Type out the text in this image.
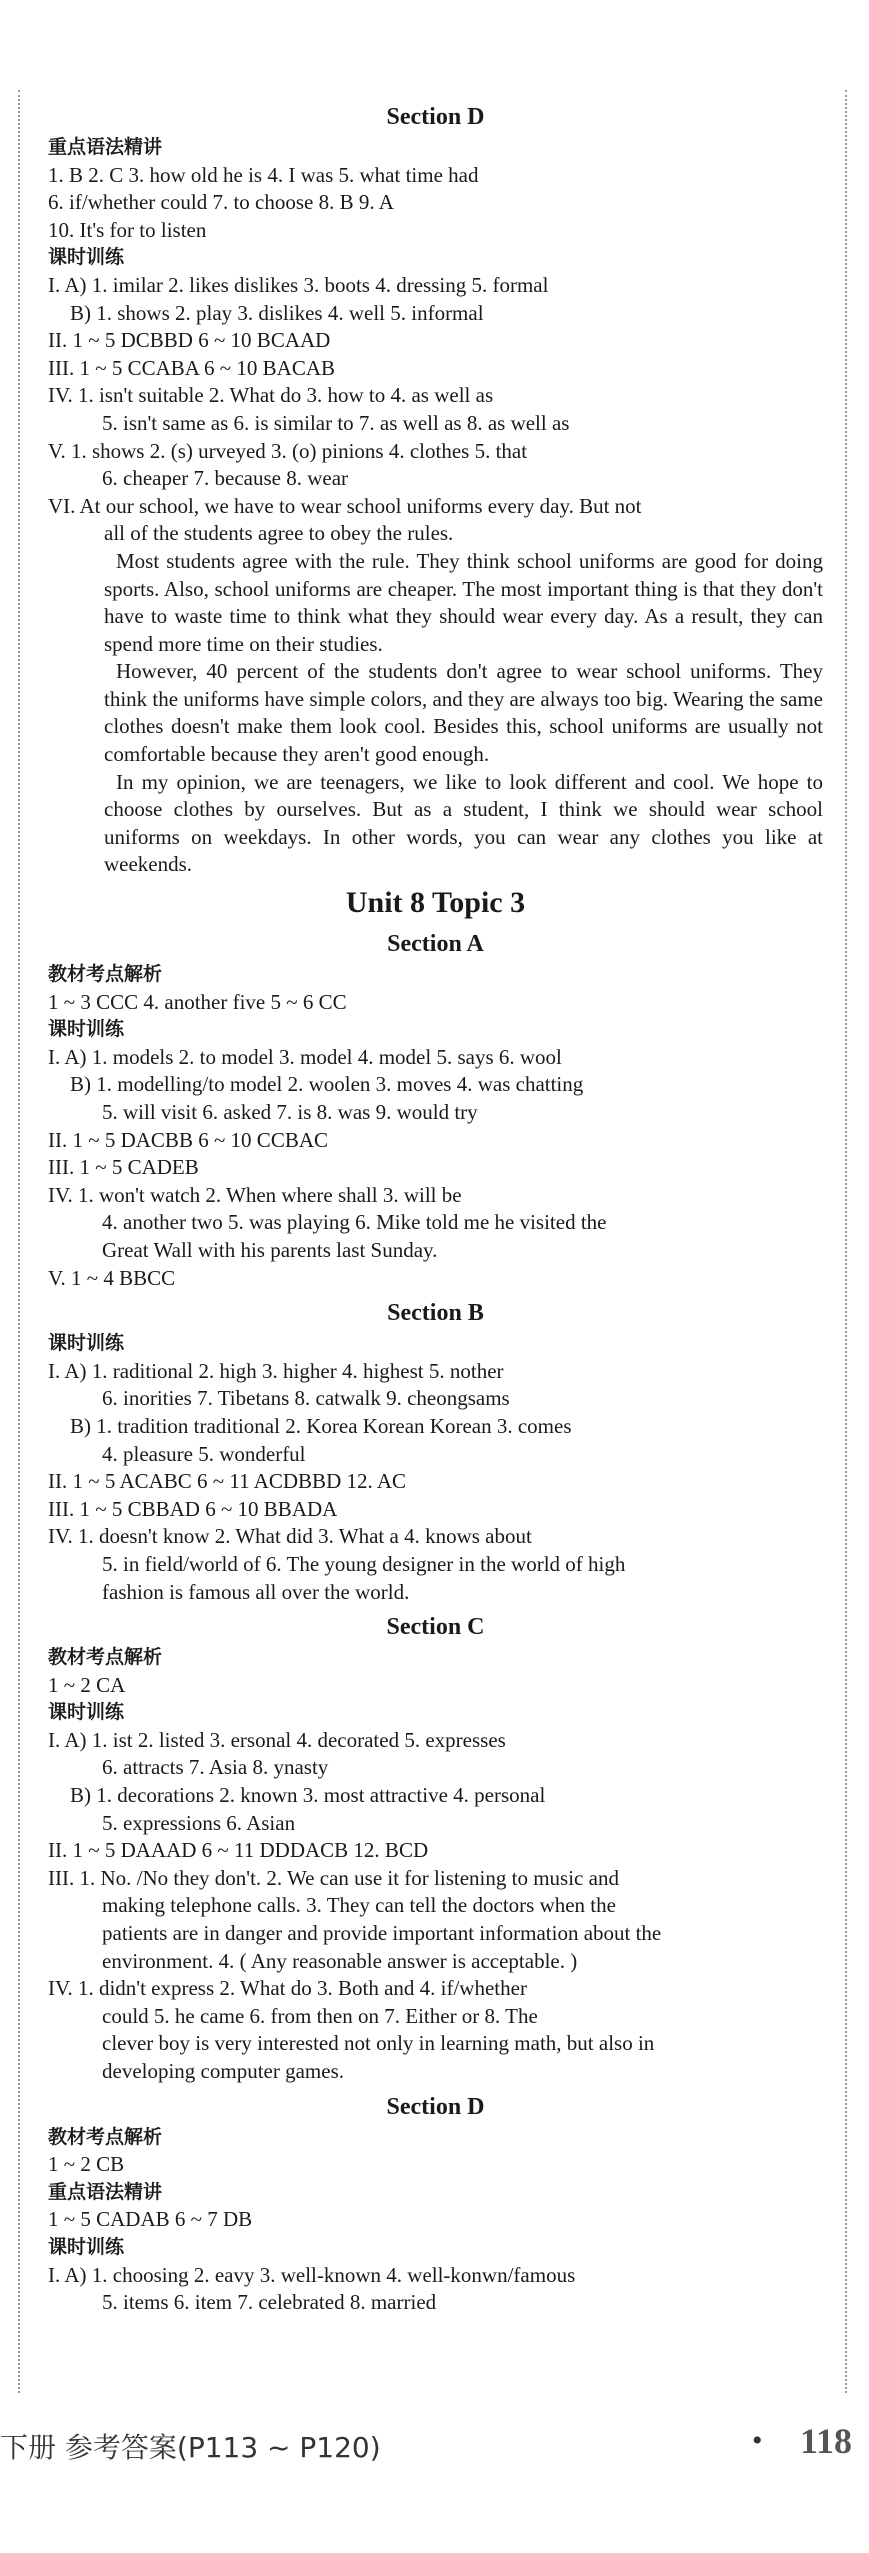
Section D
重点语法精讲
1. B 2. C 3. how old he is 4. I was 5. what time had
6. if/whether could 7. to choose 8. B 9. A
10. It's for to listen
课时训练
I. A) 1. imilar 2. likes dislikes 3. boots 4. dressing 5. formal
B) 1. shows 2. play 3. dislikes 4. well 5. informal
II. 1 ~ 5 DCBBD 6 ~ 10 BCAAD
III. 1 ~ 5 CCABA 6 ~ 10 BACAB
IV. 1. isn't suitable 2. What do 3. how to 4. as well as
5. isn't same as 6. is similar to 7. as well as 8. as well as
V. 1. shows 2. (s) urveyed 3. (o) pinions 4. clothes 5. that
6. cheaper 7. because 8. wear
VI. At our school, we have to wear school uniforms every day. But not
all of the students agree to obey the rules.
Most students agree with the rule. They think school uniforms are good for doing sports. Also, school uniforms are cheaper. The most important thing is that they don't have to waste time to think what they should wear every day. As a result, they can spend more time on their studies.
However, 40 percent of the students don't agree to wear school uniforms. They think the uniforms have simple colors, and they are always too big. Wearing the same clothes doesn't make them look cool. Besides this, school uniforms are usually not comfortable because they aren't good enough.
In my opinion, we are teenagers, we like to look different and cool. We hope to choose clothes by ourselves. But as a student, I think we should wear school uniforms on weekdays. In other words, you can wear any clothes you like at weekends.
Unit 8 Topic 3
Section A
教材考点解析
1 ~ 3 CCC 4. another five 5 ~ 6 CC
课时训练
I. A) 1. models 2. to model 3. model 4. model 5. says 6. wool
B) 1. modelling/to model 2. woolen 3. moves 4. was chatting
5. will visit 6. asked 7. is 8. was 9. would try
II. 1 ~ 5 DACBB 6 ~ 10 CCBAC
III. 1 ~ 5 CADEB
IV. 1. won't watch 2. When where shall 3. will be
4. another two 5. was playing 6. Mike told me he visited the
Great Wall with his parents last Sunday.
V. 1 ~ 4 BBCC
Section B
课时训练
I. A) 1. raditional 2. high 3. higher 4. highest 5. nother
6. inorities 7. Tibetans 8. catwalk 9. cheongsams
B) 1. tradition traditional 2. Korea Korean Korean 3. comes
4. pleasure 5. wonderful
II. 1 ~ 5 ACABC 6 ~ 11 ACDBBD 12. AC
III. 1 ~ 5 CBBAD 6 ~ 10 BBADA
IV. 1. doesn't know 2. What did 3. What a 4. knows about
5. in field/world of 6. The young designer in the world of high
fashion is famous all over the world.
Section C
教材考点解析
1 ~ 2 CA
课时训练
I. A) 1. ist 2. listed 3. ersonal 4. decorated 5. expresses
6. attracts 7. Asia 8. ynasty
B) 1. decorations 2. known 3. most attractive 4. personal
5. expressions 6. Asian
II. 1 ~ 5 DAAAD 6 ~ 11 DDDACB 12. BCD
III. 1. No. /No they don't. 2. We can use it for listening to music and
making telephone calls. 3. They can tell the doctors when the
patients are in danger and provide important information about the
environment. 4. ( Any reasonable answer is acceptable. )
IV. 1. didn't express 2. What do 3. Both and 4. if/whether
could 5. he came 6. from then on 7. Either or 8. The
clever boy is very interested not only in learning math, but also in
developing computer games.
Section D
教材考点解析
1 ~ 2 CB
重点语法精讲
1 ~ 5 CADAB 6 ~ 7 DB
课时训练
I. A) 1. choosing 2. eavy 3. well-known 4. well-konwn/famous
5. items 6. item 7. celebrated 8. married
下册 参考答案(P113 ~ P120)	• 118
